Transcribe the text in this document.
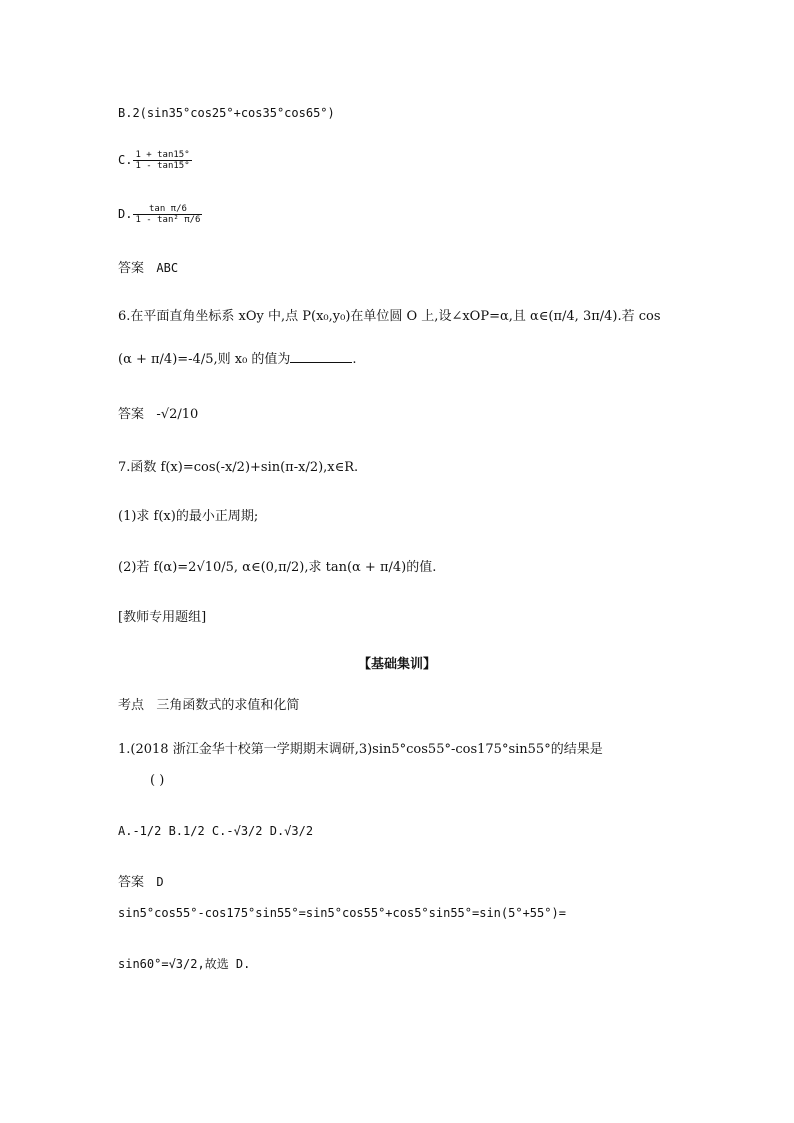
B.2(sin35°cos25°+cos35°cos65°)
C. $\frac{1 + \tan 15^\circ}{1 - \tan 15^\circ}$
D. $\frac{\text{tan π/6}}{\text{1 - tan² π/6}}$
答案 ABC
6.在平面直角坐标系 xOy 中,点 P(x₀,y₀)在单位圆 O 上,设∠xOP=α,且 α∈(π/4, 3π/4).若 cos
(α + π/4)=-4/5,则 x₀ 的值为	.
答案 -√2/10
7.函数 f(x)=cos(-x/2)+sin(π-x/2),x∈R.
(1)求 f(x)的最小正周期;
(2)若 f(α)=2√10/5, α∈(0,π/2),求 tan(α + π/4)的值.
[教师专用题组]
【基础集训】
考点 三角函数式的求值和化简
1.(2018 浙江金华十校第一学期期末调研,3)sin5°cos55°-cos175°sin55°的结果是
( )
A.-1/2 B.1/2 C.-√3/2 D.√3/2
答案 D
sin5°cos55°-cos175°sin55°=sin5°cos55°+cos5°sin55°=sin(5°+55°)=
sin60°=√3/2,故选 D.
